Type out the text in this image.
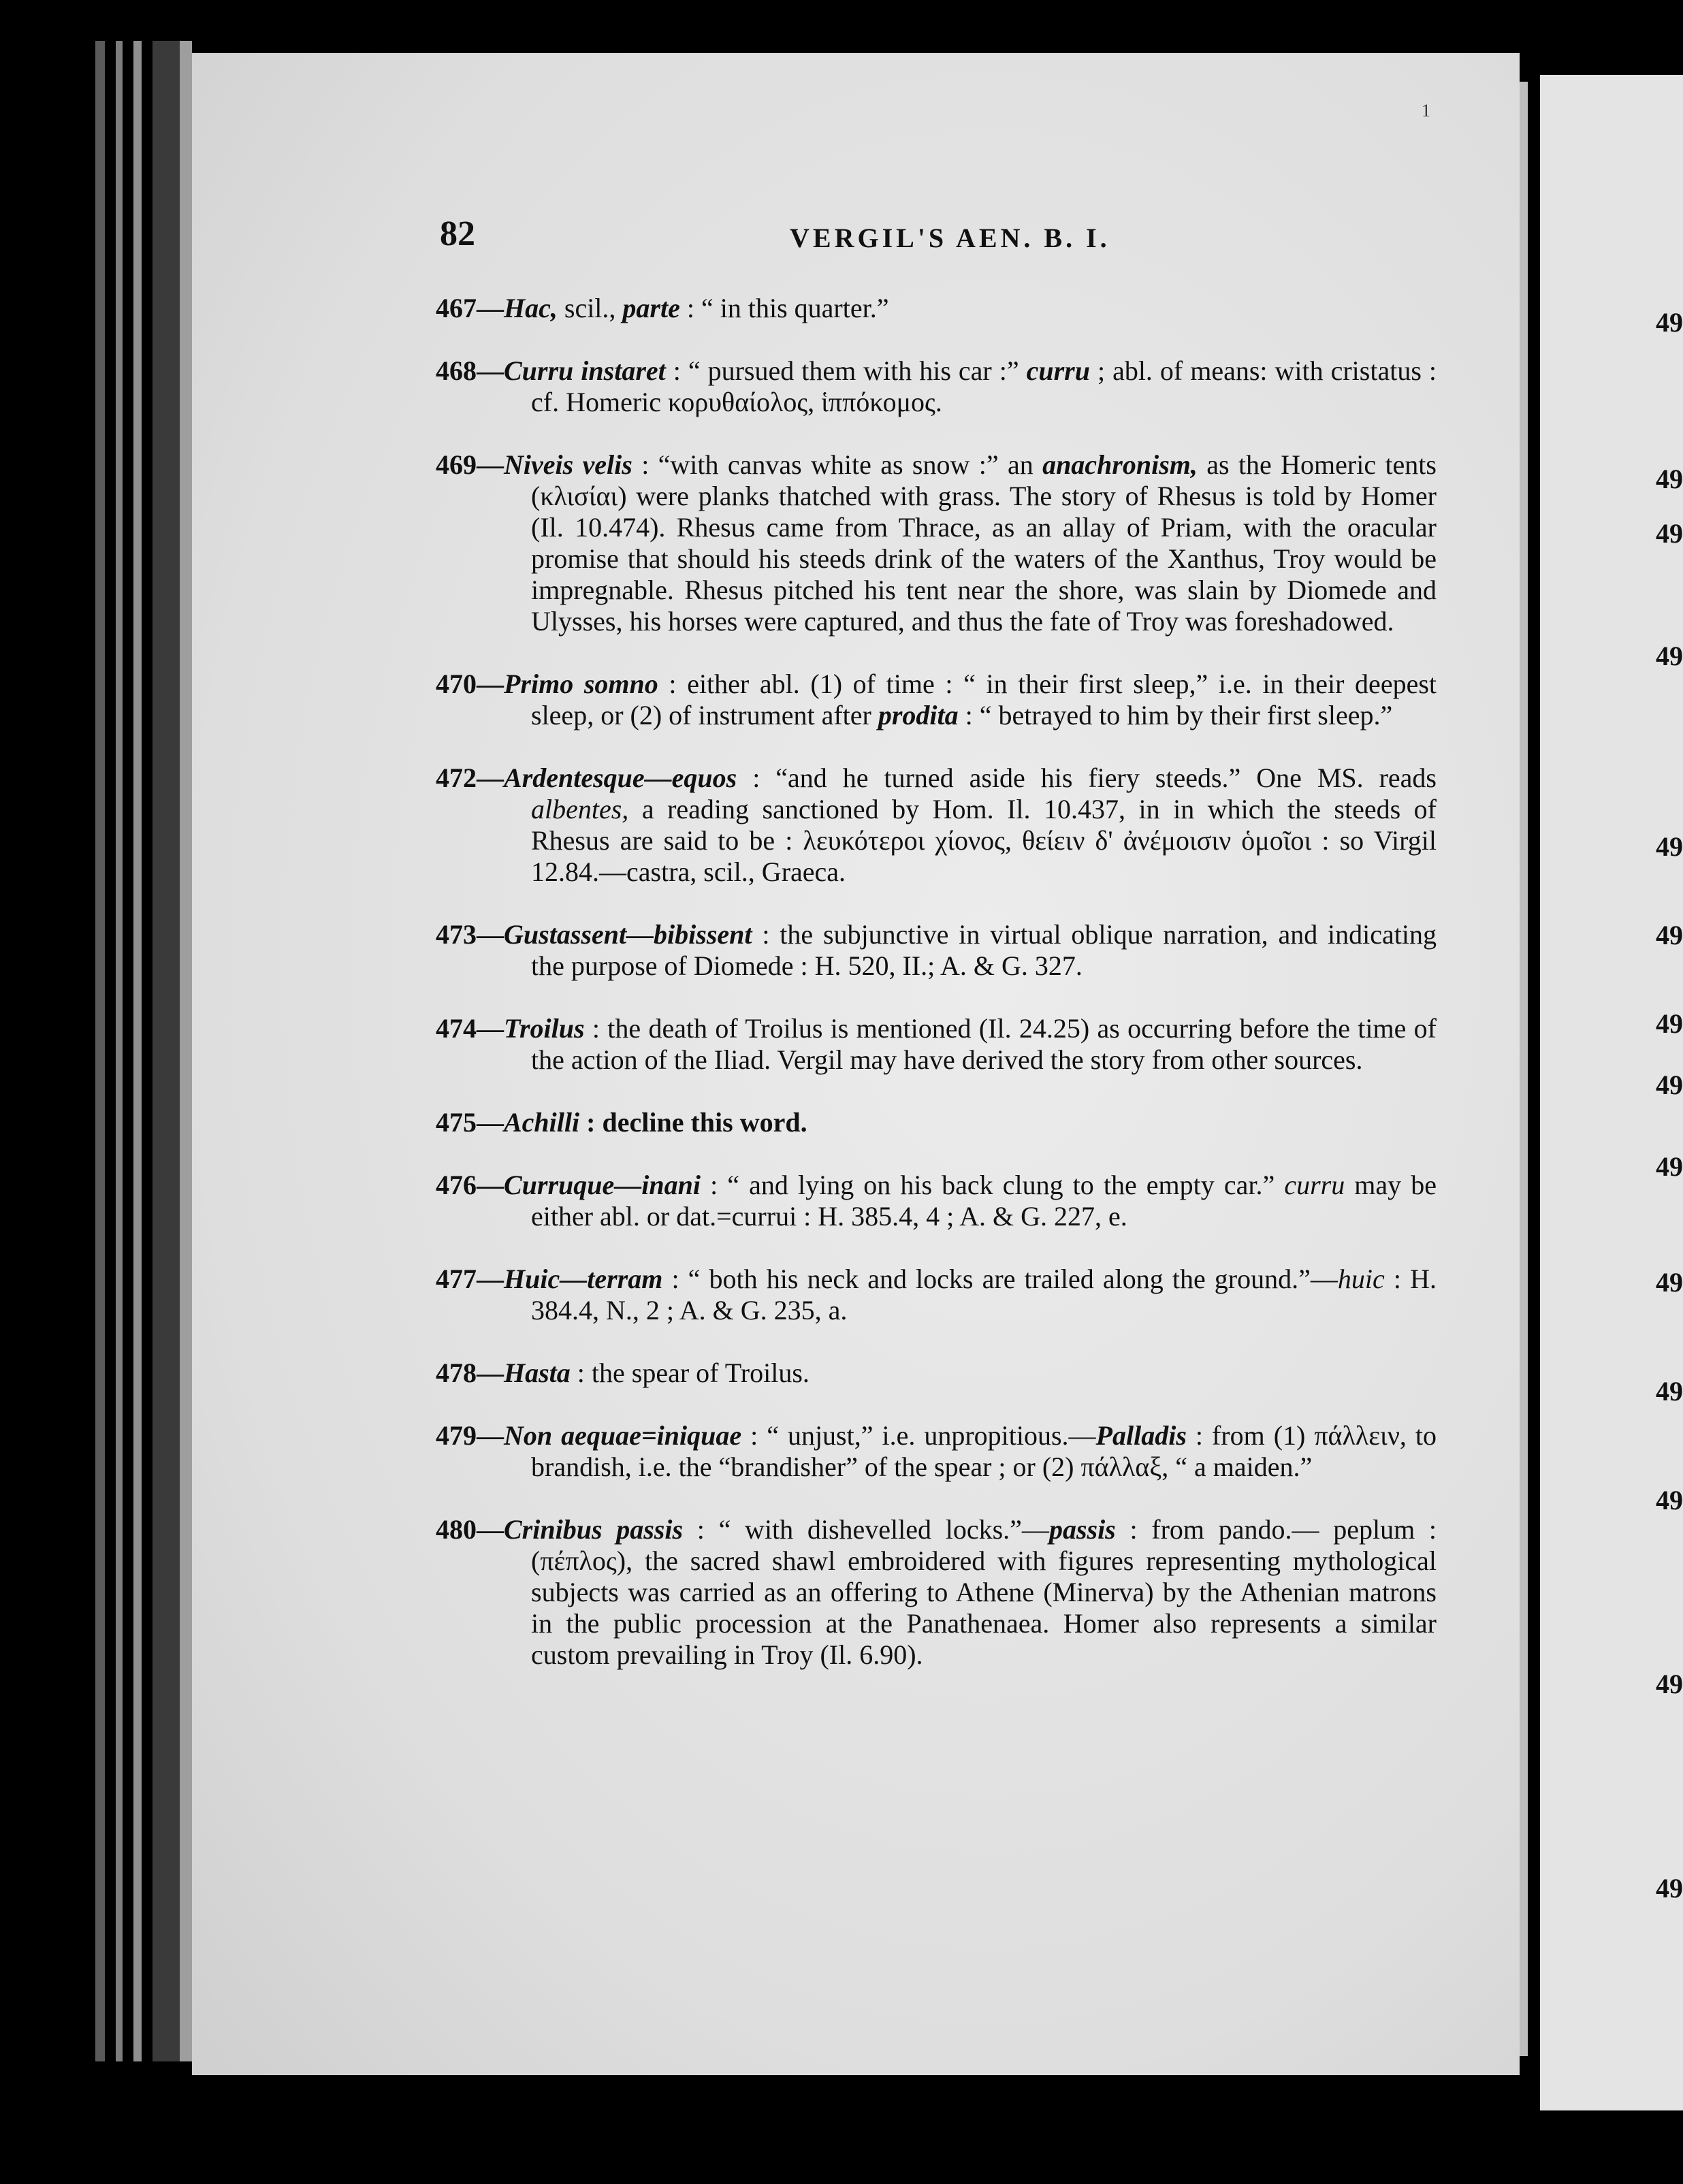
49
49
49
49
49
49
49
49
49
49
49
49
49
49
1
82	VERGIL'S AEN. B. I.

467—Hac, scil., parte : “ in this quarter.”

468—Curru instaret : “ pursued them with his car :” curru ; abl. of means: with cristatus : cf. Homeric κορυθαίολος, ἱππόκομος.

469—Niveis velis : “with canvas white as snow :” an anachronism, as the Homeric tents (κλισίαι) were planks thatched with grass. The story of Rhesus is told by Homer (Il. 10.474). Rhesus came from Thrace, as an allay of Priam, with the oracular promise that should his steeds drink of the waters of the Xanthus, Troy would be impregnable. Rhesus pitched his tent near the shore, was slain by Diomede and Ulysses, his horses were captured, and thus the fate of Troy was foreshadowed.

470—Primo somno : either abl. (1) of time : “ in their first sleep,” i.e. in their deepest sleep, or (2) of instrument after prodita : “ betrayed to him by their first sleep.”

472—Ardentesque—equos : “and he turned aside his fiery steeds.” One MS. reads albentes, a reading sanctioned by Hom. Il. 10.437, in in which the steeds of Rhesus are said to be : λευκότεροι χίονος, θείειν δ' ἀνέμοισιν ὁμοῖοι : so Virgil 12.84.—castra, scil., Graeca.

473—Gustassent—bibissent : the subjunctive in virtual oblique narration, and indicating the purpose of Diomede : H. 520, II.; A. & G. 327.

474—Troilus : the death of Troilus is mentioned (Il. 24.25) as occurring before the time of the action of the Iliad. Vergil may have derived the story from other sources.

475—Achilli : decline this word.

476—Curruque—inani : “ and lying on his back clung to the empty car.” curru may be either abl. or dat.=currui : H. 385.4, 4 ; A. & G. 227, e.

477—Huic—terram : “ both his neck and locks are trailed along the ground.”—huic : H. 384.4, N., 2 ; A. & G. 235, a.

478—Hasta : the spear of Troilus.

479—Non aequae=iniquae : “ unjust,” i.e. unpropitious.—Palladis : from (1) πάλλειν, to brandish, i.e. the “brandisher” of the spear ; or (2) πάλλαξ, “ a maiden.”

480—Crinibus passis : “ with dishevelled locks.”—passis : from pando.— peplum : (πέπλος), the sacred shawl embroidered with figures representing mythological subjects was carried as an offering to Athene (Minerva) by the Athenian matrons in the public procession at the Panathenaea. Homer also represents a similar custom prevailing in Troy (Il. 6.90).
